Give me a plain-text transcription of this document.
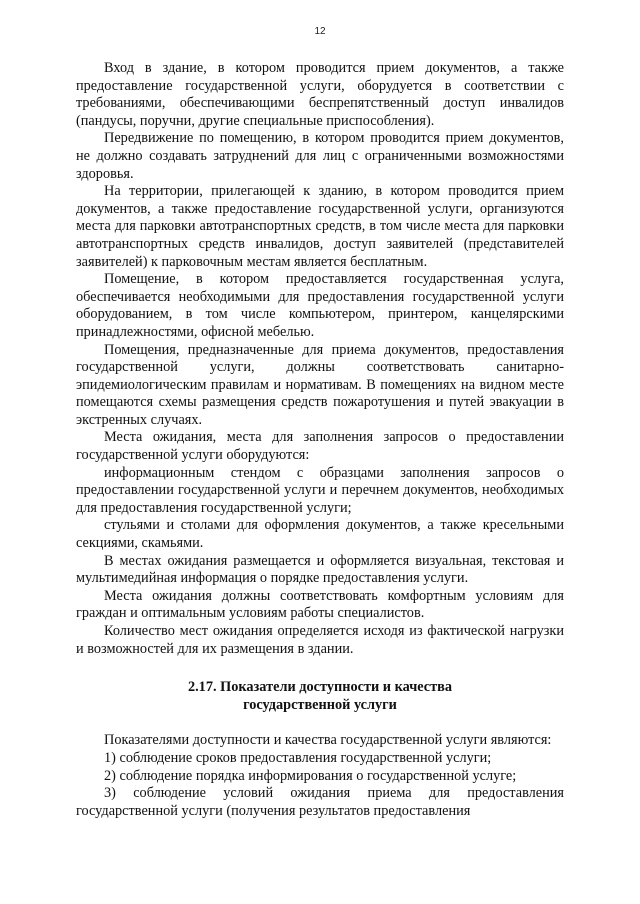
12

Вход в здание, в котором проводится прием документов, а также предоставление государственной услуги, оборудуется в соответствии с требованиями, обеспечивающими беспрепятственный доступ инвалидов (пандусы, поручни, другие специальные приспособления).

Передвижение по помещению, в котором проводится прием документов, не должно создавать затруднений для лиц с ограниченными возможностями здоровья.

На территории, прилегающей к зданию, в котором проводится прием документов, а также предоставление государственной услуги, организуются места для парковки автотранспортных средств, в том числе места для парковки автотранспортных средств инвалидов, доступ заявителей (представителей заявителей) к парковочным местам является бесплатным.

Помещение, в котором предоставляется государственная услуга, обеспечивается необходимыми для предоставления государственной услуги оборудованием, в том числе компьютером, принтером, канцелярскими принадлежностями, офисной мебелью.

Помещения, предназначенные для приема документов, предоставления государственной услуги, должны соответствовать санитарно-эпидемиологическим правилам и нормативам. В помещениях на видном месте помещаются схемы размещения средств пожаротушения и путей эвакуации в экстренных случаях.

Места ожидания, места для заполнения запросов о предоставлении государственной услуги оборудуются:

информационным стендом с образцами заполнения запросов о предоставлении государственной услуги и перечнем документов, необходимых для предоставления государственной услуги;

стульями и столами для оформления документов, а также кресельными секциями, скамьями.

В местах ожидания размещается и оформляется визуальная, текстовая и мультимедийная информация о порядке предоставления услуги.

Места ожидания должны соответствовать комфортным условиям для граждан и оптимальным условиям работы специалистов.

Количество мест ожидания определяется исходя из фактической нагрузки и возможностей для их размещения в здании.

2.17. Показатели доступности и качества
государственной услуги

Показателями доступности и качества государственной услуги являются:

1) соблюдение сроков предоставления государственной услуги;

2) соблюдение порядка информирования о государственной услуге;

3) соблюдение условий ожидания приема для предоставления государственной услуги (получения результатов предоставления
